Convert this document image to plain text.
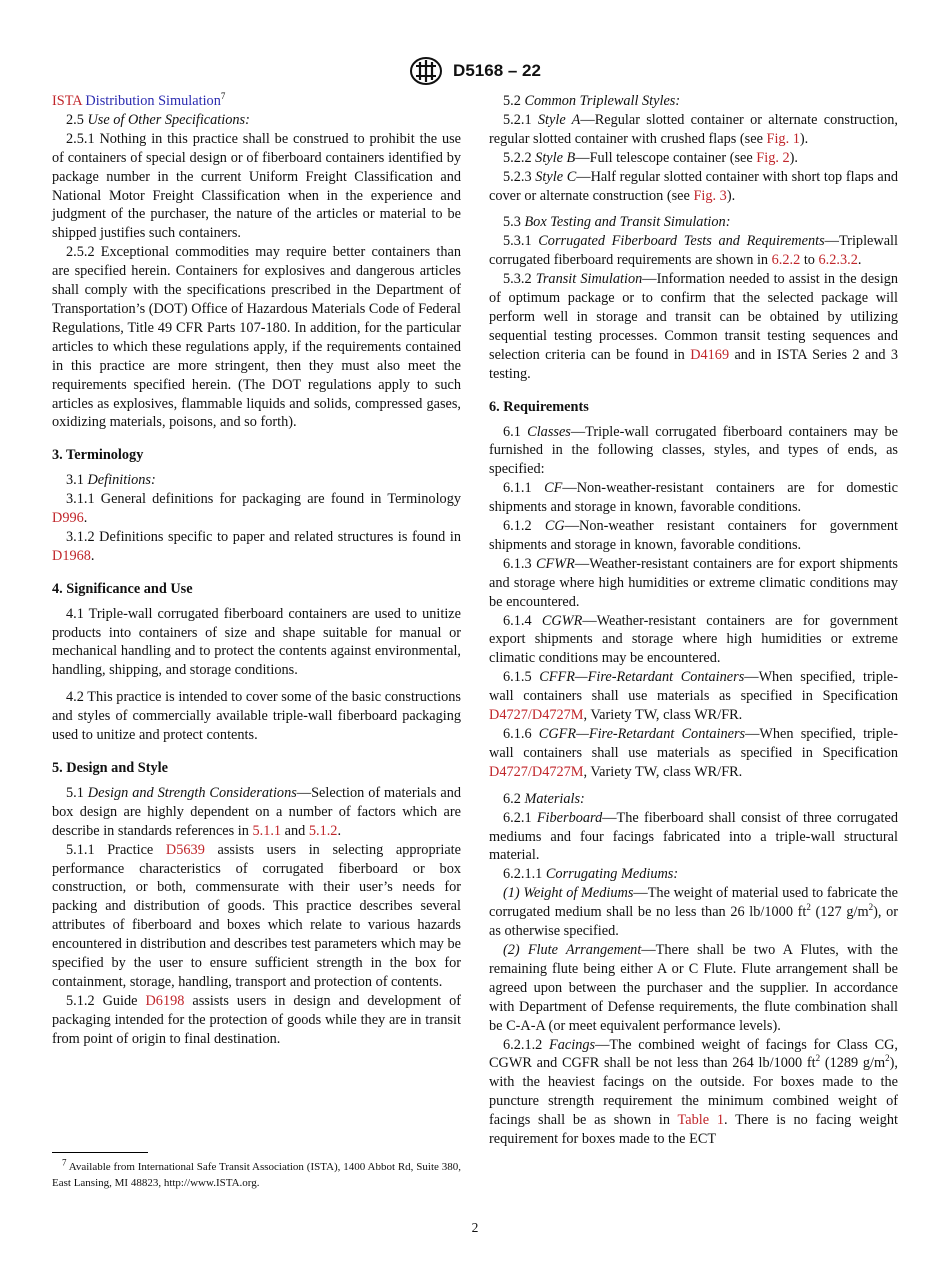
D5168 – 22

ISTA Distribution Simulation$^7$

2.5 Use of Other Specifications:

2.5.1 Nothing in this practice shall be construed to prohibit the use of containers of special design or of fiberboard containers identified by package number in the current Uniform Freight Classification and National Motor Freight Classification when in the experience and judgment of the purchaser, the nature of the articles or material to be shipped justifies such containers.

2.5.2 Exceptional commodities may require better containers than are specified herein. Containers for explosives and dangerous articles shall comply with the specifications prescribed in the Department of Transportation’s (DOT) Office of Hazardous Materials Code of Federal Regulations, Title 49 CFR Parts 107-180. In addition, for the particular articles to which these regulations apply, if the requirements contained in this practice are more stringent, then they must also meet the requirements specified herein. (The DOT regulations apply to such articles as explosives, flammable liquids and solids, compressed gases, oxidizing materials, poisons, and so forth).

3. Terminology

3.1 Definitions:

3.1.1 General definitions for packaging are found in Terminology D996.

3.1.2 Definitions specific to paper and related structures is found in D1968.

4. Significance and Use

4.1 Triple-wall corrugated fiberboard containers are used to unitize products into containers of size and shape suitable for manual or mechanical handling and to protect the contents against environmental, handling, shipping, and storage conditions.

4.2 This practice is intended to cover some of the basic constructions and styles of commercially available triple-wall fiberboard packaging used to unitize and protect contents.

5. Design and Style

5.1 Design and Strength Considerations—Selection of materials and box design are highly dependent on a number of factors which are describe in standards references in 5.1.1 and 5.1.2.

5.1.1 Practice D5639 assists users in selecting appropriate performance characteristics of corrugated fiberboard or box construction, or both, commensurate with their user’s needs for packing and distribution of goods. This practice describes several attributes of fiberboard and boxes which relate to various hazards encountered in distribution and describes test parameters which may be specified by the user to ensure sufficient strength in the box for containment, storage, handling, transport and protection of contents.

5.1.2 Guide D6198 assists users in design and development of packaging intended for the protection of goods while they are in transit from point of origin to final destination.

$^7$ Available from International Safe Transit Association (ISTA), 1400 Abbot Rd, Suite 380, East Lansing, MI 48823, http://www.ISTA.org.

5.2 Common Triplewall Styles:

5.2.1 Style A—Regular slotted container or alternate construction, regular slotted container with crushed flaps (see Fig. 1).

5.2.2 Style B—Full telescope container (see Fig. 2).

5.2.3 Style C—Half regular slotted container with short top flaps and cover or alternate construction (see Fig. 3).

5.3 Box Testing and Transit Simulation:

5.3.1 Corrugated Fiberboard Tests and Requirements—Triplewall corrugated fiberboard requirements are shown in 6.2.2 to 6.2.3.2.

5.3.2 Transit Simulation—Information needed to assist in the design of optimum package or to confirm that the selected package will perform well in storage and transit can be obtained by utilizing sequential testing processes. Common transit testing sequences and selection criteria can be found in D4169 and in ISTA Series 2 and 3 testing.

6. Requirements

6.1 Classes—Triple-wall corrugated fiberboard containers may be furnished in the following classes, styles, and types of ends, as specified:

6.1.1 CF—Non-weather-resistant containers are for domestic shipments and storage in known, favorable conditions.

6.1.2 CG—Non-weather resistant containers for government shipments and storage in known, favorable conditions.

6.1.3 CFWR—Weather-resistant containers are for export shipments and storage where high humidities or extreme climatic conditions may be encountered.

6.1.4 CGWR—Weather-resistant containers are for government export shipments and storage where high humidities or extreme climatic conditions may be encountered.

6.1.5 CFFR—Fire-Retardant Containers—When specified, triple-wall containers shall use materials as specified in Specification D4727/D4727M, Variety TW, class WR/FR.

6.1.6 CGFR—Fire-Retardant Containers—When specified, triple-wall containers shall use materials as specified in Specification D4727/D4727M, Variety TW, class WR/FR.

6.2 Materials:

6.2.1 Fiberboard—The fiberboard shall consist of three corrugated mediums and four facings fabricated into a triple-wall structural material.

6.2.1.1 Corrugating Mediums:

(1) Weight of Mediums—The weight of material used to fabricate the corrugated medium shall be no less than 26 lb/1000 $ft^2$ (127 $g/m^2$), or as otherwise specified.

(2) Flute Arrangement—There shall be two A Flutes, with the remaining flute being either A or C Flute. Flute arrangement shall be agreed upon between the purchaser and the supplier. In accordance with Department of Defense requirements, the flute combination shall be C-A-A (or meet equivalent performance levels).

6.2.1.2 Facings—The combined weight of facings for Class CG, CGWR and CGFR shall be not less than 264 lb/1000 $ft^2$ (1289 $g/m^2$), with the heaviest facings on the outside. For boxes made to the puncture strength requirement the minimum combined weight of facings shall be as shown in Table 1. There is no facing weight requirement for boxes made to the ECT

2
